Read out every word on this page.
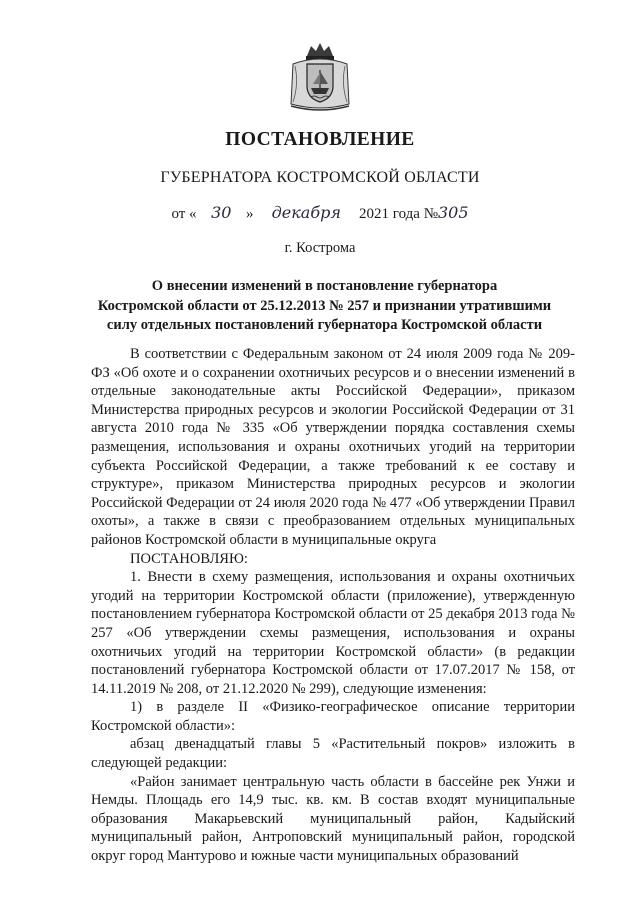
ПОСТАНОВЛЕНИЕ
ГУБЕРНАТОРА КОСТРОМСКОЙ ОБЛАСТИ
от « 30 » декабря 2021 года №305
г. Кострома
О внесении изменений в постановление губернатора
Костромской области от 25.12.2013 № 257 и признании утратившими
силу отдельных постановлений губернатора Костромской области

В соответствии с Федеральным законом от 24 июля 2009 года № 209-ФЗ «Об охоте и о сохранении охотничьих ресурсов и о внесении изменений в отдельные законодательные акты Российской Федерации», приказом Министерства природных ресурсов и экологии Российской Федерации от 31 августа 2010 года № 335 «Об утверждении порядка составления схемы размещения, использования и охраны охотничьих угодий на территории субъекта Российской Федерации, а также требований к ее составу и структуре», приказом Министерства природных ресурсов и экологии Российской Федерации от 24 июля 2020 года № 477 «Об утверждении Правил охоты», а также в связи с преобразованием отдельных муниципальных районов Костромской области в муниципальные округа

ПОСТАНОВЛЯЮ:

1. Внести в схему размещения, использования и охраны охотничьих угодий на территории Костромской области (приложение), утвержденную постановлением губернатора Костромской области от 25 декабря 2013 года № 257 «Об утверждении схемы размещения, использования и охраны охотничьих угодий на территории Костромской области» (в редакции постановлений губернатора Костромской области от 17.07.2017 № 158, от 14.11.2019 № 208, от 21.12.2020 № 299), следующие изменения:

1) в разделе II «Физико-географическое описание территории Костромской области»:

абзац двенадцатый главы 5 «Растительный покров» изложить в следующей редакции:

«Район занимает центральную часть области в бассейне рек Унжи и Немды. Площадь его 14,9 тыс. кв. км. В состав входят муниципальные образования Макарьевский муниципальный район, Кадыйский муниципальный район, Антроповский муниципальный район, городской округ город Мантурово и южные части муниципальных образований
